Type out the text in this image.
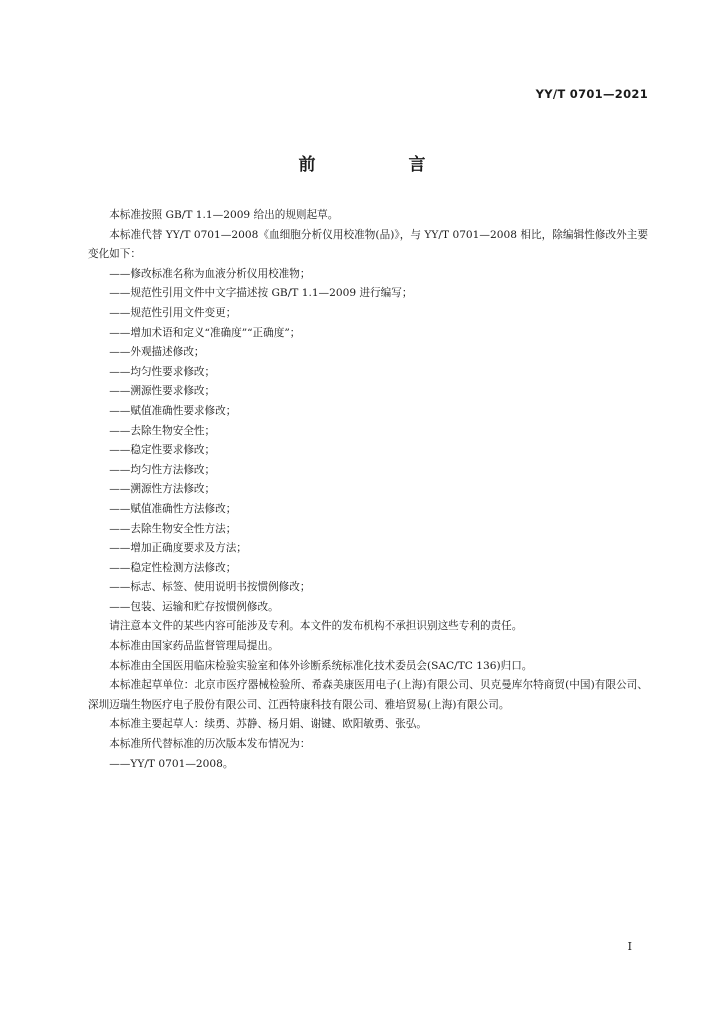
YY/T 0701—2021
前　言

本标准按照 GB/T 1.1—2009 给出的规则起草。

本标准代替 YY/T 0701—2008《血细胞分析仪用校准物(品)》，与 YY/T 0701—2008 相比，除编辑性修改外主要变化如下：

——修改标准名称为血液分析仪用校准物；

——规范性引用文件中文字描述按 GB/T 1.1—2009 进行编写；

——规范性引用文件变更；

——增加术语和定义“准确度”“正确度”；

——外观描述修改；

——均匀性要求修改；

——溯源性要求修改；

——赋值准确性要求修改；

——去除生物安全性；

——稳定性要求修改；

——均匀性方法修改；

——溯源性方法修改；

——赋值准确性方法修改；

——去除生物安全性方法；

——增加正确度要求及方法；

——稳定性检测方法修改；

——标志、标签、使用说明书按惯例修改；

——包装、运输和贮存按惯例修改。

请注意本文件的某些内容可能涉及专利。本文件的发布机构不承担识别这些专利的责任。

本标准由国家药品监督管理局提出。

本标准由全国医用临床检验实验室和体外诊断系统标准化技术委员会(SAC/TC 136)归口。

本标准起草单位：北京市医疗器械检验所、希森美康医用电子(上海)有限公司、贝克曼库尔特商贸(中国)有限公司、深圳迈瑞生物医疗电子股份有限公司、江西特康科技有限公司、雅培贸易(上海)有限公司。

本标准主要起草人：续勇、苏静、杨月娟、谢键、欧阳敏勇、张弘。

本标准所代替标准的历次版本发布情况为：

——YY/T 0701—2008。

I
